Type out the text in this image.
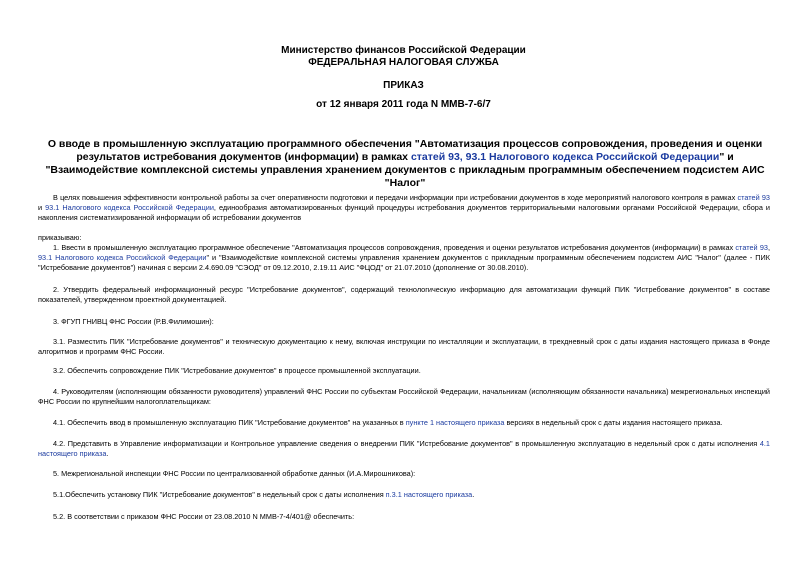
Министерство финансов Российской Федерации
ФЕДЕРАЛЬНАЯ НАЛОГОВАЯ СЛУЖБА
ПРИКАЗ
от 12 января 2011 года N ММВ-7-6/7
О вводе в промышленную эксплуатацию программного обеспечения "Автоматизация процессов сопровождения, проведения и оценки результатов истребования документов (информации) в рамках статей 93, 93.1 Налогового кодекса Российской Федерации" и "Взаимодействие комплексной системы управления хранением документов с прикладным программным обеспечением подсистем АИС "Налог"

В целях повышения эффективности контрольной работы за счет оперативности подготовки и передачи информации при истребовании документов в ходе мероприятий налогового контроля в рамках статей 93 и 93.1 Налогового кодекса Российской Федерации, единообразия автоматизированных функций процедуры истребования документов территориальными налоговыми органами Российской Федерации, сбора и накопления систематизированной информации об истребовании документов

приказываю:

1. Ввести в промышленную эксплуатацию программное обеспечение "Автоматизация процессов сопровождения, проведения и оценки результатов истребования документов (информации) в рамках статей 93, 93.1 Налогового кодекса Российской Федерации" и "Взаимодействие комплексной системы управления хранением документов с прикладным программным обеспечением подсистем АИС "Налог" (далее - ПИК "Истребование документов") начиная с версии 2.4.690.09 "СЭОД" от 09.12.2010, 2.19.11 АИС "ФЦОД" от 21.07.2010 (дополнение от 30.08.2010).

2. Утвердить федеральный информационный ресурс "Истребование документов", содержащий технологическую информацию для автоматизации функций ПИК "Истребование документов" в составе показателей, утвержденном проектной документацией.

3. ФГУП ГНИВЦ ФНС России (Р.В.Филимошин):

3.1. Разместить ПИК "Истребование документов" и техническую документацию к нему, включая инструкции по инсталляции и эксплуатации, в трехдневный срок с даты издания настоящего приказа в Фонде алгоритмов и программ ФНС России.

3.2. Обеспечить сопровождение ПИК "Истребование документов" в процессе промышленной эксплуатации.

4. Руководителям (исполняющим обязанности руководителя) управлений ФНС России по субъектам Российской Федерации, начальникам (исполняющим обязанности начальника) межрегиональных инспекций ФНС России по крупнейшим налогоплательщикам:

4.1. Обеспечить ввод в промышленную эксплуатацию ПИК "Истребование документов" на указанных в пункте 1 настоящего приказа версиях в недельный срок с даты издания настоящего приказа.

4.2. Представить в Управление информатизации и Контрольное управление сведения о внедрении ПИК "Истребование документов" в промышленную эксплуатацию в недельный срок с даты исполнения 4.1 настоящего приказа.

5. Межрегиональной инспекции ФНС России по централизованной обработке данных (И.А.Мирошникова):

5.1.Обеспечить установку ПИК "Истребование документов" в недельный срок с даты исполнения п.3.1 настоящего приказа.

5.2. В соответствии с приказом ФНС России от 23.08.2010 N ММВ-7-4/401@ обеспечить:
